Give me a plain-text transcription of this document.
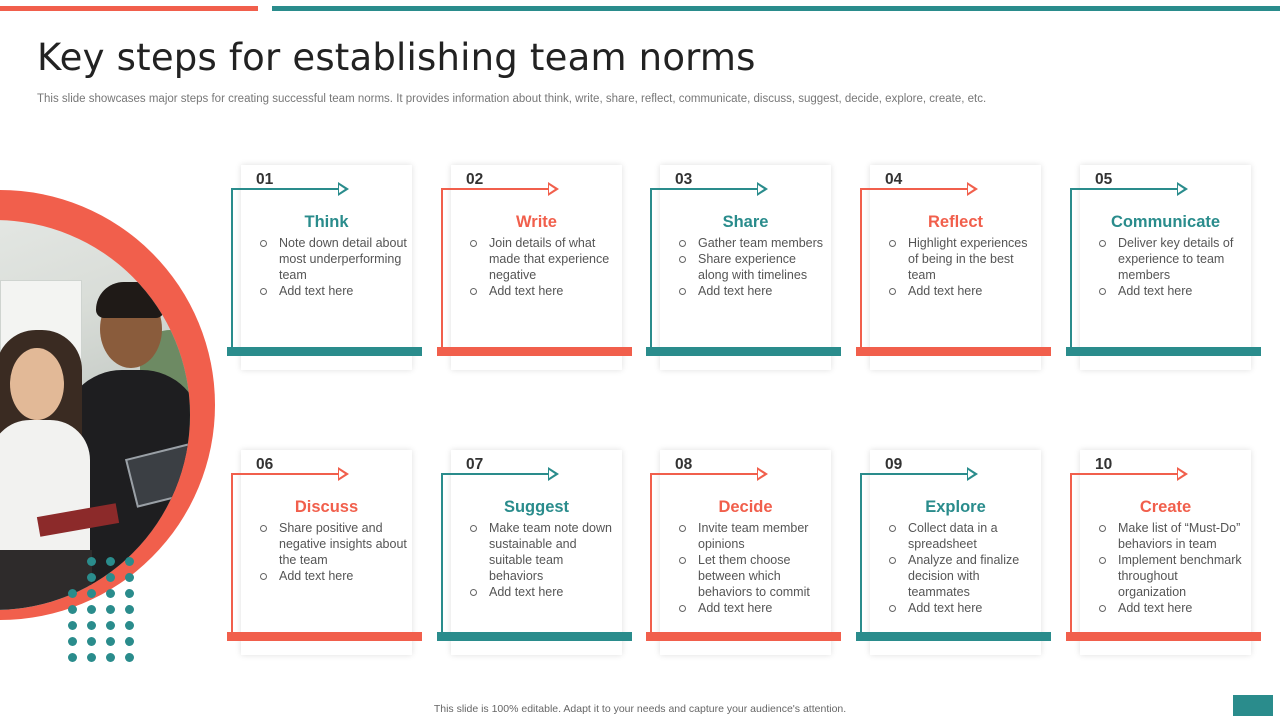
Key steps for establishing team norms
This slide showcases major steps for creating successful team norms. It provides information about think, write, share, reflect, communicate, discuss, suggest, decide, explore, create, etc.
01
Think
Note down detail about most underperforming team
Add text here
02
Write
Join details of what made that experience negative
Add text here
03
Share
Gather team members
Share experience along with timelines
Add text here
04
Reflect
Highlight experiences of being in the best team
Add text here
05
Communicate
Deliver key details of experience to team members
Add text here
06
Discuss
Share positive and negative insights about the team
Add text here
07
Suggest
Make team note down sustainable and suitable team behaviors
Add text here
08
Decide
Invite team member opinions
Let them choose between which behaviors to commit
Add text here
09
Explore
Collect data in a spreadsheet
Analyze and finalize decision with teammates
Add text here
10
Create
Make list of “Must-Do” behaviors in team
Implement benchmark throughout organization
Add text here
This slide is 100% editable. Adapt it to your needs and capture your audience's attention.
